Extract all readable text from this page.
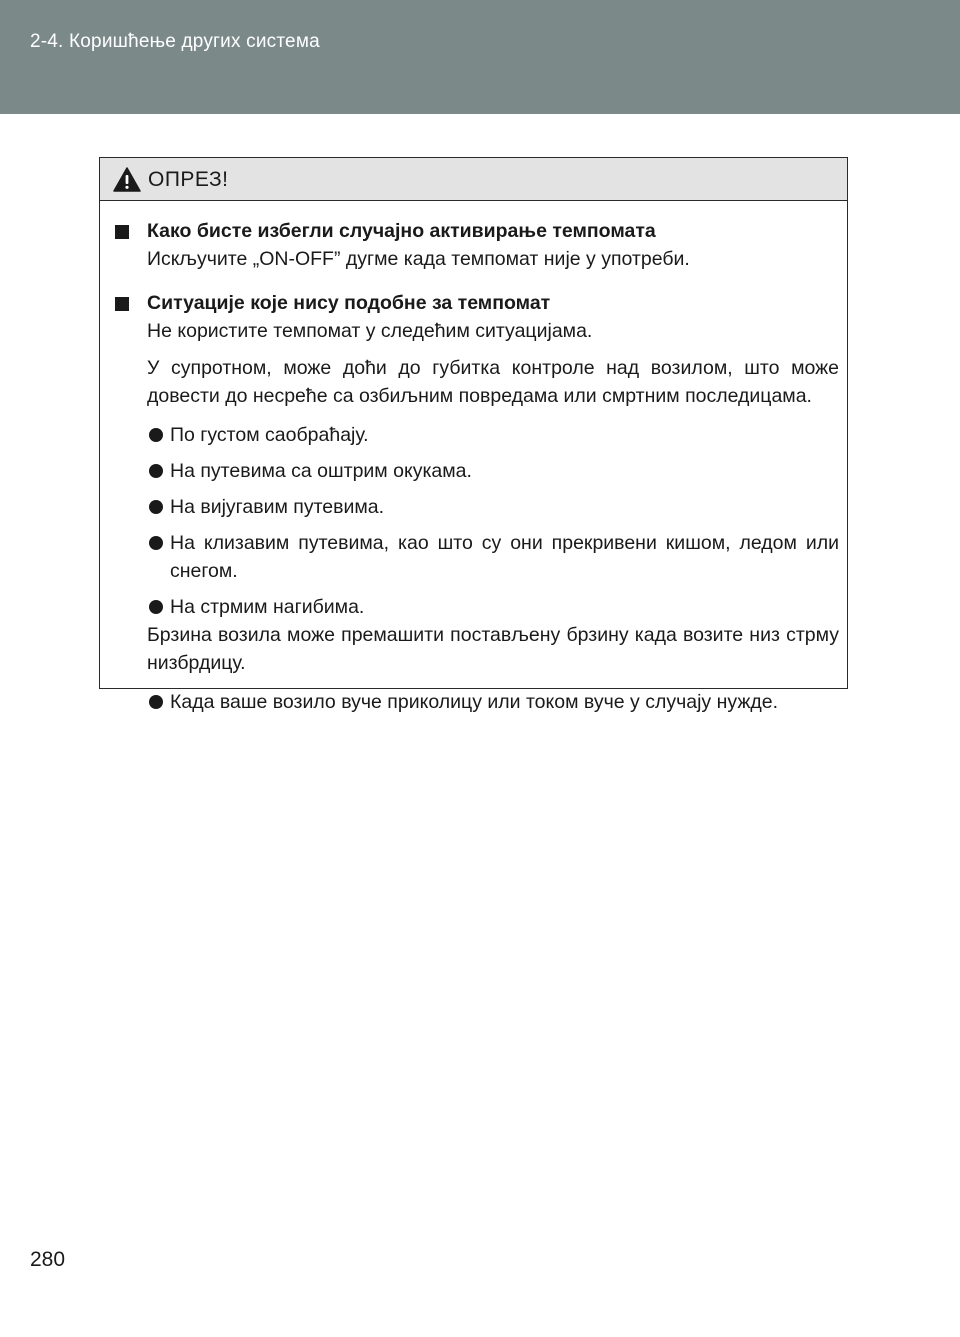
2-4. Коришћење других система
ОПРЕЗ!
Како бисте избегли случајно активирање темпомата
Искључите „ON-OFF” дугме када темпомат није у употреби.
Ситуације које нису подобне за темпомат
Не користите темпомат у следећим ситуацијама.
У супротном, може доћи до губитка контроле над возилом, што може довести до несреће са озбиљним повредама или смртним последицама.
По густом саобраћају.
На путевима са оштрим окукама.
На вијугавим путевима.
На клизавим путевима, као што су они прекривени кишом, ледом или снегом.
На стрмим нагибима.
Брзина возила може премашити постављену брзину када возите низ стрму низбрдицу.
Када ваше возило вуче приколицу или током вуче у случају нужде.
280
